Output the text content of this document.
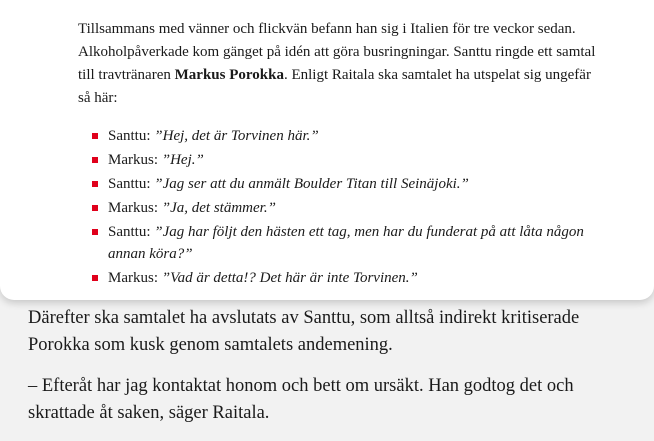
Tillsammans med vänner och flickvän befann han sig i Italien för tre veckor sedan. Alkoholpåverkade kom gänget på idén att göra busringningar. Santtu ringde ett samtal till travtränaren Markus Porokka. Enligt Raitala ska samtalet ha utspelat sig ungefär så här:

Santtu: ”Hej, det är Torvinen här.”
Markus: ”Hej.”
Santtu: ”Jag ser att du anmält Boulder Titan till Seinäjoki.”
Markus: ”Ja, det stämmer.”
Santtu: ”Jag har följt den hästen ett tag, men har du funderat på att låta någon annan köra?”
Markus: ”Vad är detta!? Det här är inte Torvinen.”

Därefter ska samtalet ha avslutats av Santtu, som alltså indirekt kritiserade Porokka som kusk genom samtalets andemening.

– Efteråt har jag kontaktat honom och bett om ursäkt. Han godtog det och skrattade åt saken, säger Raitala.
